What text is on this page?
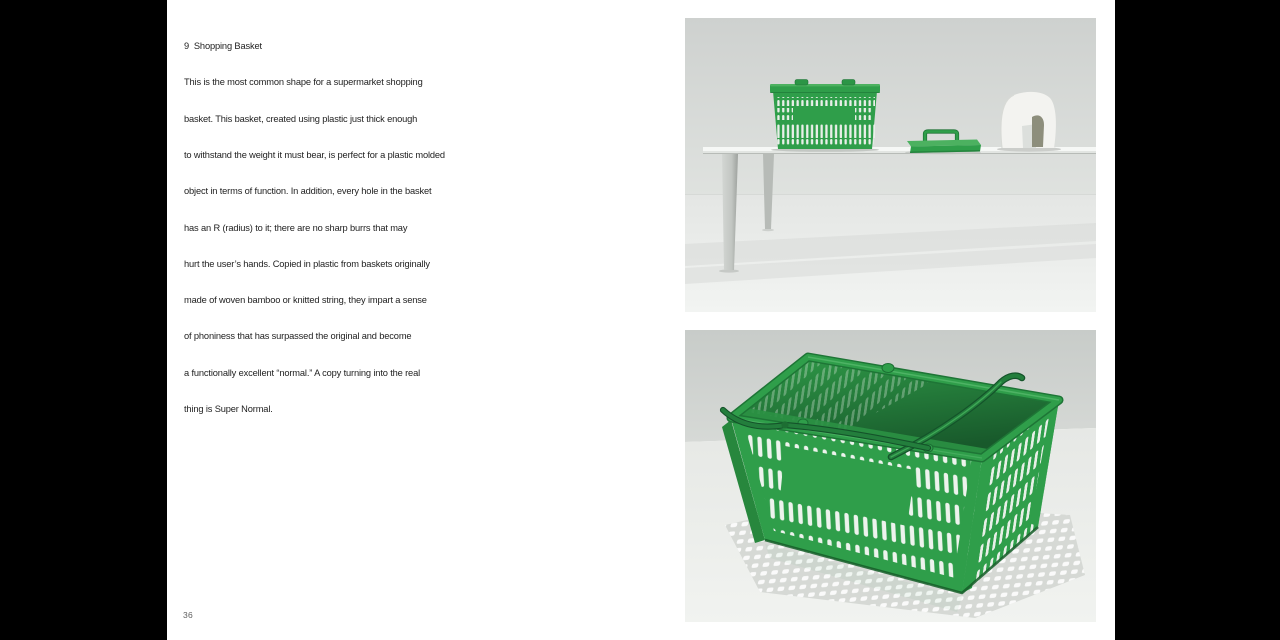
9  Shopping Basket

This is the most common shape for a supermarket shopping

basket. This basket, created using plastic just thick enough

to withstand the weight it must bear, is perfect for a plastic molded

object in terms of function. In addition, every hole in the basket

has an R (radius) to it; there are no sharp burrs that may

hurt the user’s hands. Copied in plastic from baskets originally

made of woven bamboo or knitted string, they impart a sense

of phoniness that has surpassed the original and become

a functionally excellent “normal.” A copy turning into the real

thing is Super Normal.

36
